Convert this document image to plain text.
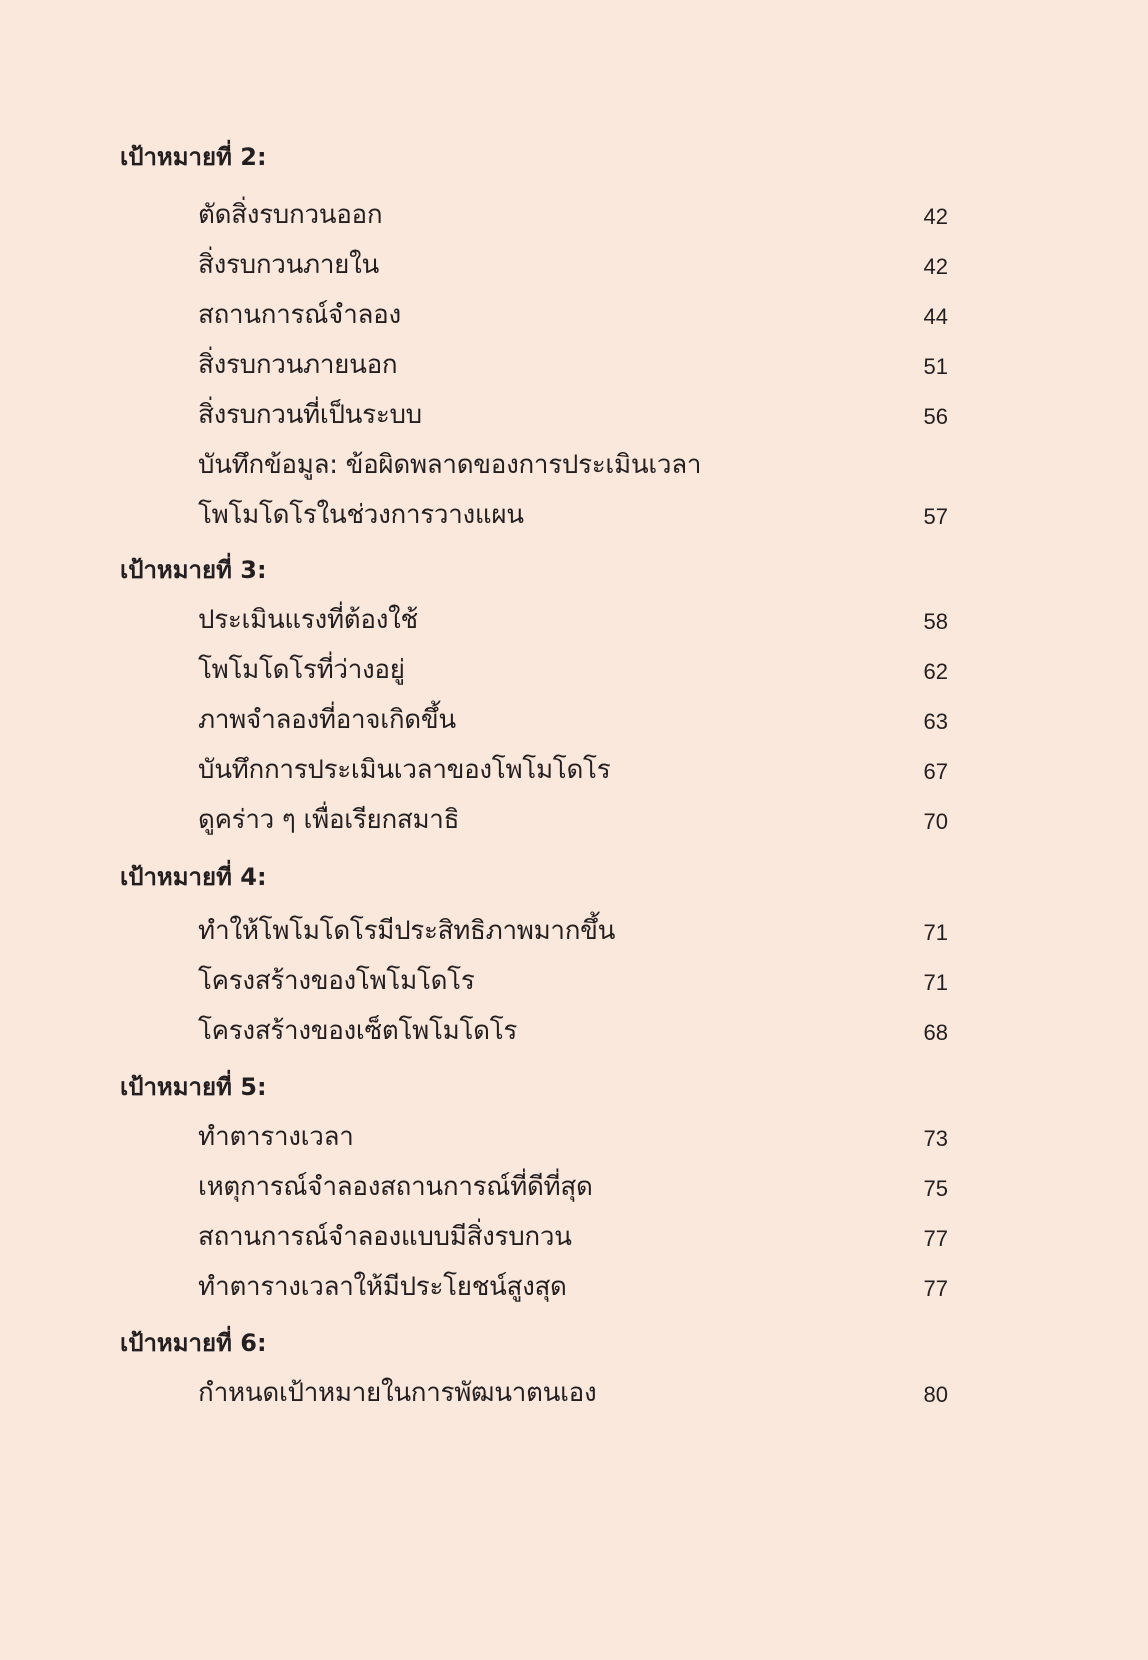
เป้าหมายที่ 2:
ตัดสิ่งรบกวนออก	42
สิ่งรบกวนภายใน	42
สถานการณ์จำลอง	44
สิ่งรบกวนภายนอก	51
สิ่งรบกวนที่เป็นระบบ	56
บันทึกข้อมูล: ข้อผิดพลาดของการประเมินเวลา
โพโมโดโรในช่วงการวางแผน	57
เป้าหมายที่ 3:
ประเมินแรงที่ต้องใช้	58
โพโมโดโรที่ว่างอยู่	62
ภาพจำลองที่อาจเกิดขึ้น	63
บันทึกการประเมินเวลาของโพโมโดโร	67
ดูคร่าว ๆ เพื่อเรียกสมาธิ	70
เป้าหมายที่ 4:
ทำให้โพโมโดโรมีประสิทธิภาพมากขึ้น	71
โครงสร้างของโพโมโดโร	71
โครงสร้างของเซ็ตโพโมโดโร	68
เป้าหมายที่ 5:
ทำตารางเวลา	73
เหตุการณ์จำลองสถานการณ์ที่ดีที่สุด	75
สถานการณ์จำลองแบบมีสิ่งรบกวน	77
ทำตารางเวลาให้มีประโยชน์สูงสุด	77
เป้าหมายที่ 6:
กำหนดเป้าหมายในการพัฒนาตนเอง	80
